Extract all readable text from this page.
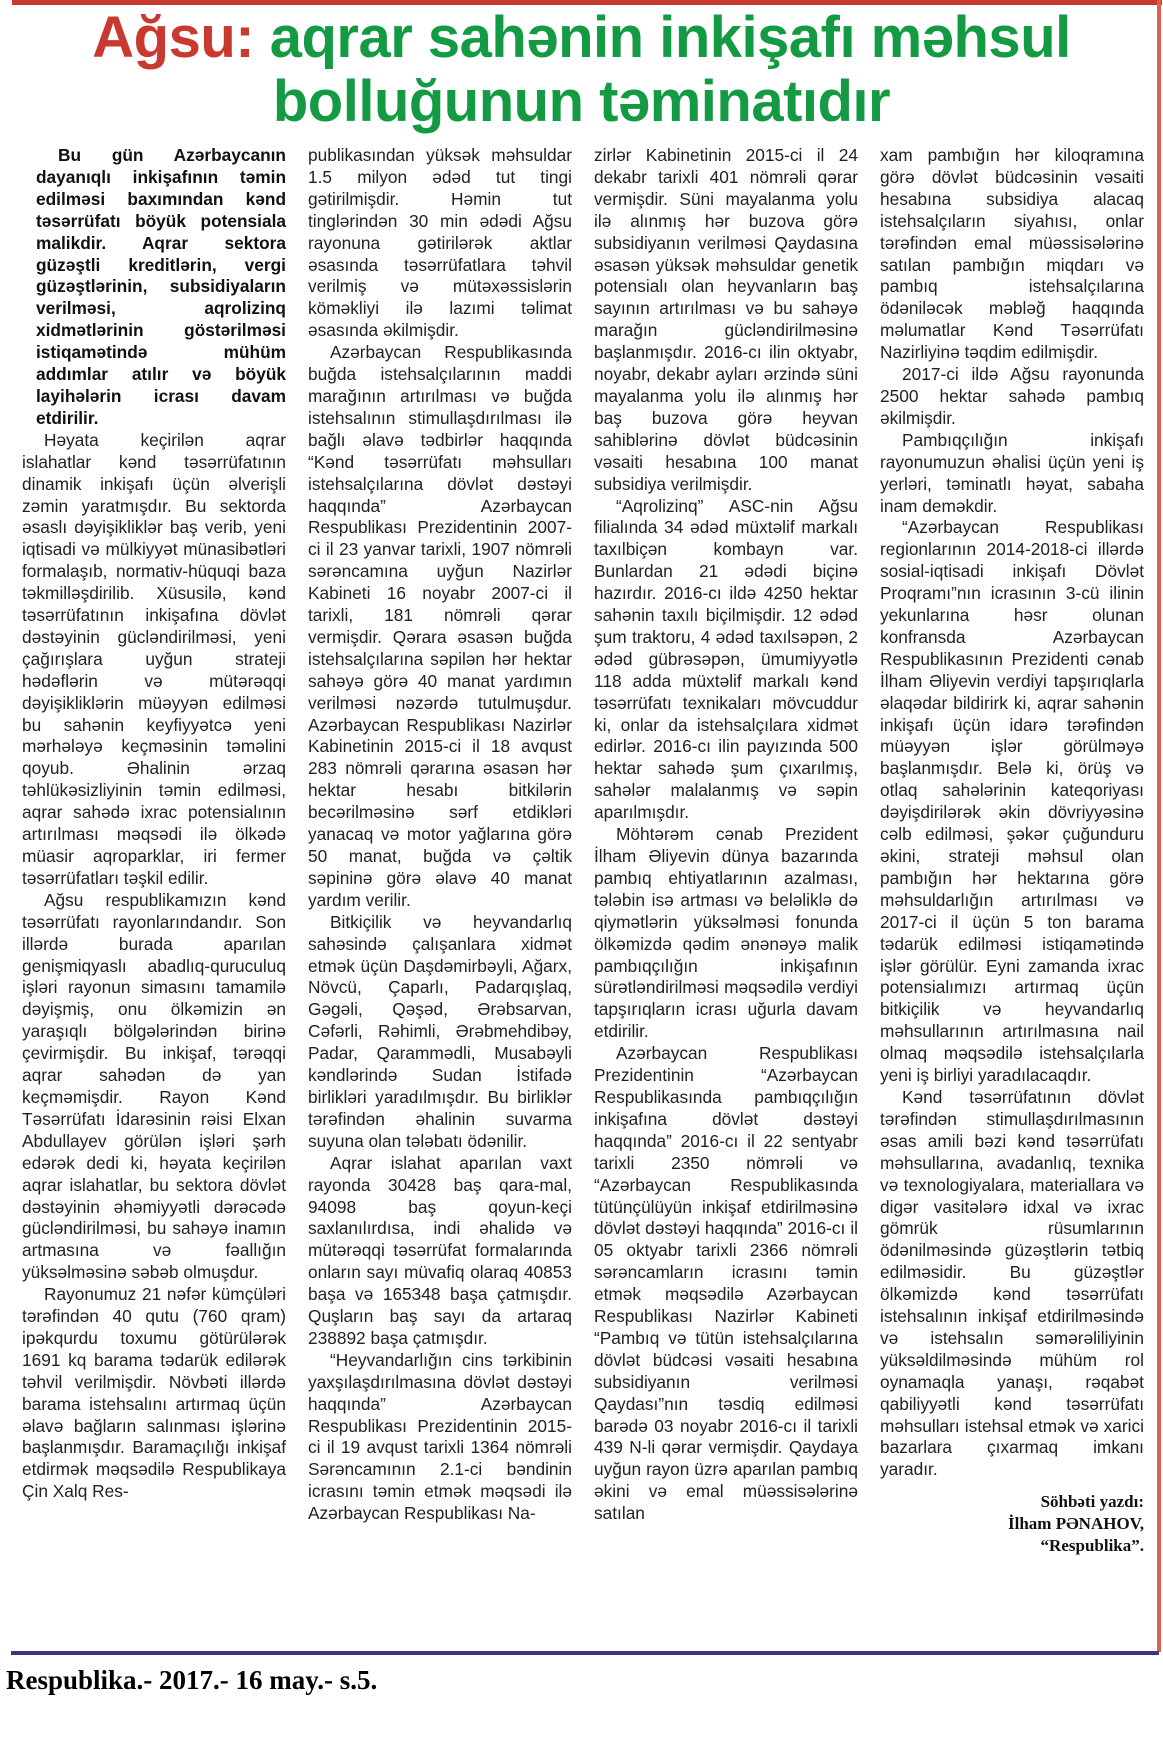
Ağsu: aqrar sahənin inkişafı məhsul
bolluğunun təminatıdır

Bu gün Azərbaycanın dayanıqlı inkişafının təmin edilməsi baxımından kənd təsərrüfatı böyük potensiala malikdir. Aqrar sektora güzəştli kreditlərin, vergi güzəştlərinin, subsidiyaların verilməsi, aqrolizinq xidmətlərinin göstərilməsi istiqamətində mühüm addımlar atılır və böyük layihələrin icrası davam etdirilir.

Həyata keçirilən aqrar islahatlar kənd təsərrüfatının dinamik inkişafı üçün əlverişli zəmin yaratmışdır. Bu sektorda əsaslı dəyişikliklər baş verib, yeni iqtisadi və mülkiyyət münasibətləri formalaşıb, normativ-hüquqi baza təkmilləşdirilib. Xüsusilə, kənd təsərrüfatının inkişafına dövlət dəstəyinin gücləndirilməsi, yeni çağırışlara uyğun strateji hədəflərin və mütərəqqi dəyişikliklərin müəyyən edilməsi bu sahənin keyfiyyətcə yeni mərhələyə keçməsinin təməlini qoyub. Əhalinin ərzaq təhlükəsizliyinin təmin edilməsi, aqrar sahədə ixrac potensialının artırılması məqsədi ilə ölkədə müasir aqroparklar, iri fermer təsərrüfatları təşkil edilir.

Ağsu respublikamızın kənd təsərrüfatı rayonlarındandır. Son illərdə burada aparılan genişmiqyaslı abadlıq-quruculuq işləri rayonun simasını tamamilə dəyişmiş, onu ölkəmizin ən yaraşıqlı bölgələrindən birinə çevirmişdir. Bu inkişaf, tərəqqi aqrar sahədən də yan keçməmişdir. Rayon Kənd Təsərrüfatı İdarəsinin rəisi Elxan Abdullayev görülən işləri şərh edərək dedi ki, həyata keçirilən aqrar islahatlar, bu sektora dövlət dəstəyinin əhəmiyyətli dərəcədə gücləndirilməsi, bu sahəyə inamın artmasına və fəallığın yüksəlməsinə səbəb olmuşdur.

Rayonumuz 21 nəfər kümçüləri tərəfindən 40 qutu (760 qram) ipəkqurdu toxumu götürülərək 1691 kq barama tədarük edilərək təhvil verilmişdir. Növbəti illərdə barama istehsalını artırmaq üçün əlavə bağların salınması işlərinə başlanmışdır. Baramaçılığı inkişaf etdirmək məqsədilə Respublikaya Çin Xalq Res-

publikasından yüksək məhsuldar 1.5 milyon ədəd tut tingi gətirilmişdir. Həmin tut tinglərindən 30 min ədədi Ağsu rayonuna gətirilərək aktlar əsasında təsərrüfatlara təhvil verilmiş və mütəxəssislərin köməkliyi ilə lazımi təlimat əsasında əkilmişdir.

Azərbaycan Respublikasında buğda istehsalçılarının maddi marağının artırılması və buğda istehsalının stimullaşdırılması ilə bağlı əlavə tədbirlər haqqında “Kənd təsərrüfatı məhsulları istehsalçılarına dövlət dəstəyi haqqında” Azərbaycan Respublikası Prezidentinin 2007-ci il 23 yanvar tarixli, 1907 nömrəli sərəncamına uyğun Nazirlər Kabineti 16 noyabr 2007-ci il tarixli, 181 nömrəli qərar vermişdir. Qərara əsasən buğda istehsalçılarına səpilən hər hektar sahəyə görə 40 manat yardımın verilməsi nəzərdə tutulmuşdur. Azərbaycan Respublikası Nazirlər Kabinetinin 2015-ci il 18 avqust 283 nömrəli qərarına əsasən hər hektar hesabı bitkilərin becərilməsinə sərf etdikləri yanacaq və motor yağlarına görə 50 manat, buğda və çəltik səpininə görə əlavə 40 manat yardım verilir.

Bitkiçilik və heyvandarlıq sahəsində çalışanlara xidmət etmək üçün Daşdəmirbəyli, Ağarx, Növcü, Çaparlı, Padarqışlaq, Gəgəli, Qəşəd, Ərəbsarvan, Cəfərli, Rəhimli, Ərəbmehdibəy, Padar, Qarammədli, Musabəyli kəndlərində Sudan İstifadə birlikləri yaradılmışdır. Bu birliklər tərəfindən əhalinin suvarma suyuna olan tələbatı ödənilir.

Aqrar islahat aparılan vaxt rayonda 30428 baş qara-mal, 94098 baş qoyun-keçi saxlanılırdısa, indi əhalidə və mütərəqqi təsərrüfat formalarında onların sayı müvafiq olaraq 40853 başa və 165348 başa çatmışdır. Quşların baş sayı da artaraq 238892 başa çatmışdır.

“Heyvandarlığın cins tərkibinin yaxşılaşdırılmasına dövlət dəstəyi haqqında” Azərbaycan Respublikası Prezidentinin 2015-ci il 19 avqust tarixli 1364 nömrəli Sərəncamının 2.1-ci bəndinin icrasını təmin etmək məqsədi ilə Azərbaycan Respublikası Na-

zirlər Kabinetinin 2015-ci il 24 dekabr tarixli 401 nömrəli qərar vermişdir. Süni mayalanma yolu ilə alınmış hər buzova görə subsidiyanın verilməsi Qaydasına əsasən yüksək məhsuldar genetik potensialı olan heyvanların baş sayının artırılması və bu sahəyə marağın gücləndirilməsinə başlanmışdır. 2016-cı ilin oktyabr, noyabr, dekabr ayları ərzində süni mayalanma yolu ilə alınmış hər baş buzova görə heyvan sahiblərinə dövlət büdcəsinin vəsaiti hesabına 100 manat subsidiya verilmişdir.

“Aqrolizinq” ASC-nin Ağsu filialında 34 ədəd müxtəlif markalı taxılbiçən kombayn var. Bunlardan 21 ədədi biçinə hazırdır. 2016-cı ildə 4250 hektar sahənin taxılı biçilmişdir. 12 ədəd şum traktoru, 4 ədəd taxılsəpən, 2 ədəd gübrəsəpən, ümumiyyətlə 118 adda müxtəlif markalı kənd təsərrüfatı texnikaları mövcuddur ki, onlar da istehsalçılara xidmət edirlər. 2016-cı ilin payızında 500 hektar sahədə şum çıxarılmış, sahələr malalanmış və səpin aparılmışdır.

Möhtərəm cənab Prezident İlham Əliyevin dünya bazarında pambıq ehtiyatlarının azalması, tələbin isə artması və beləliklə də qiymətlərin yüksəlməsi fonunda ölkəmizdə qədim ənənəyə malik pambıqçılığın inkişafının sürətləndirilməsi məqsədilə verdiyi tapşırıqların icrası uğurla davam etdirilir.

Azərbaycan Respublikası Prezidentinin “Azərbaycan Respublikasında pambıqçılığın inkişafına dövlət dəstəyi haqqında” 2016-cı il 22 sentyabr tarixli 2350 nömrəli və “Azərbaycan Respublikasında tütünçülüyün inkişaf etdirilməsinə dövlət dəstəyi haqqında” 2016-cı il 05 oktyabr tarixli 2366 nömrəli sərəncamların icrasını təmin etmək məqsədilə Azərbaycan Respublikası Nazirlər Kabineti “Pambıq və tütün istehsalçılarına dövlət büdcəsi vəsaiti hesabına subsidiyanın verilməsi Qaydası”nın təsdiq edilməsi barədə 03 noyabr 2016-cı il tarixli 439 N-li qərar vermişdir. Qaydaya uyğun rayon üzrə aparılan pambıq əkini və emal müəssisələrinə satılan

xam pambığın hər kiloqramına görə dövlət büdcəsinin vəsaiti hesabına subsidiya alacaq istehsalçıların siyahısı, onlar tərəfindən emal müəssisələrinə satılan pambığın miqdarı və pambıq istehsalçılarına ödəniləcək məbləğ haqqında məlumatlar Kənd Təsərrüfatı Nazirliyinə təqdim edilmişdir.

2017-ci ildə Ağsu rayonunda 2500 hektar sahədə pambıq əkilmişdir.

Pambıqçılığın inkişafı rayonumuzun əhalisi üçün yeni iş yerləri, təminatlı həyat, sabaha inam deməkdir.

“Azərbaycan Respublikası regionlarının 2014-2018-ci illərdə sosial-iqtisadi inkişafı Dövlət Proqramı”nın icrasının 3-cü ilinin yekunlarına həsr olunan konfransda Azərbaycan Respublikasının Prezidenti cənab İlham Əliyevin verdiyi tapşırıqlarla əlaqədar bildirirk ki, aqrar sahənin inkişafı üçün idarə tərəfindən müəyyən işlər görülməyə başlanmışdır. Belə ki, örüş və otlaq sahələrinin kateqoriyası dəyişdirilərək əkin dövriyyəsinə cəlb edilməsi, şəkər çuğunduru əkini, strateji məhsul olan pambığın hər hektarına görə məhsuldarlığın artırılması və 2017-ci il üçün 5 ton barama tədarük edilməsi istiqamətində işlər görülür. Eyni zamanda ixrac potensialımızı artırmaq üçün bitkiçilik və heyvandarlıq məhsullarının artırılmasına nail olmaq məqsədilə istehsalçılarla yeni iş birliyi yaradılacaqdır.

Kənd təsərrüfatının dövlət tərəfindən stimullaşdırılmasının əsas amili bəzi kənd təsərrüfatı məhsullarına, avadanlıq, texnika və texnologiyalara, materiallara və digər vasitələrə idxal və ixrac gömrük rüsumlarının ödənilməsində güzəştlərin tətbiq edilməsidir. Bu güzəştlər ölkəmizdə kənd təsərrüfatı istehsalının inkişaf etdirilməsində və istehsalın səmərəliliyinin yüksəldilməsində mühüm rol oynamaqla yanaşı, rəqabət qabiliyyətli kənd təsərrüfatı məhsulları istehsal etmək və xarici bazarlara çıxarmaq imkanı yaradır.

Söhbəti yazdı:
İlham PƏNAHOV,
“Respublika”.
Respublika.- 2017.- 16 may.- s.5.
